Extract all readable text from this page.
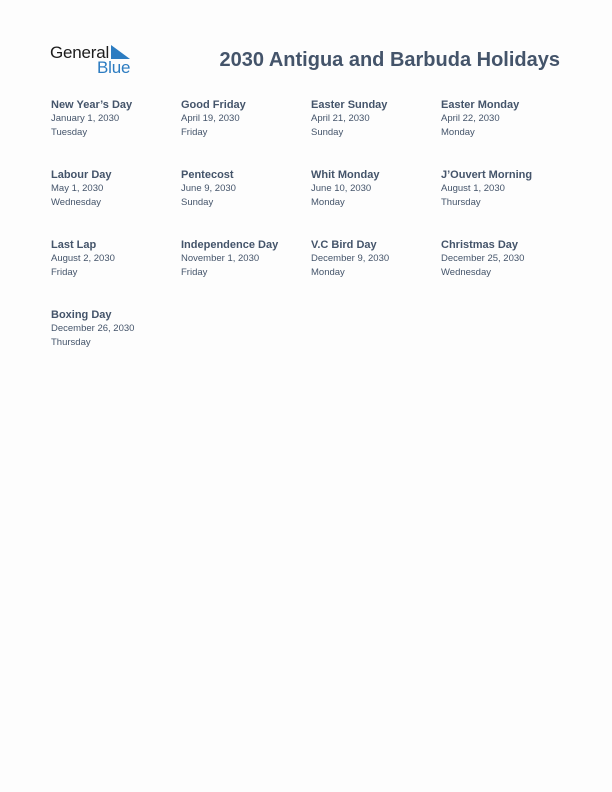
General
Blue	2030 Antigua and Barbuda Holidays
New Year’s Day
January 1, 2030
Tuesday
Good Friday
April 19, 2030
Friday
Easter Sunday
April 21, 2030
Sunday
Easter Monday
April 22, 2030
Monday
Labour Day
May 1, 2030
Wednesday
Pentecost
June 9, 2030
Sunday
Whit Monday
June 10, 2030
Monday
J’Ouvert Morning
August 1, 2030
Thursday
Last Lap
August 2, 2030
Friday
Independence Day
November 1, 2030
Friday
V.C Bird Day
December 9, 2030
Monday
Christmas Day
December 25, 2030
Wednesday
Boxing Day
December 26, 2030
Thursday
